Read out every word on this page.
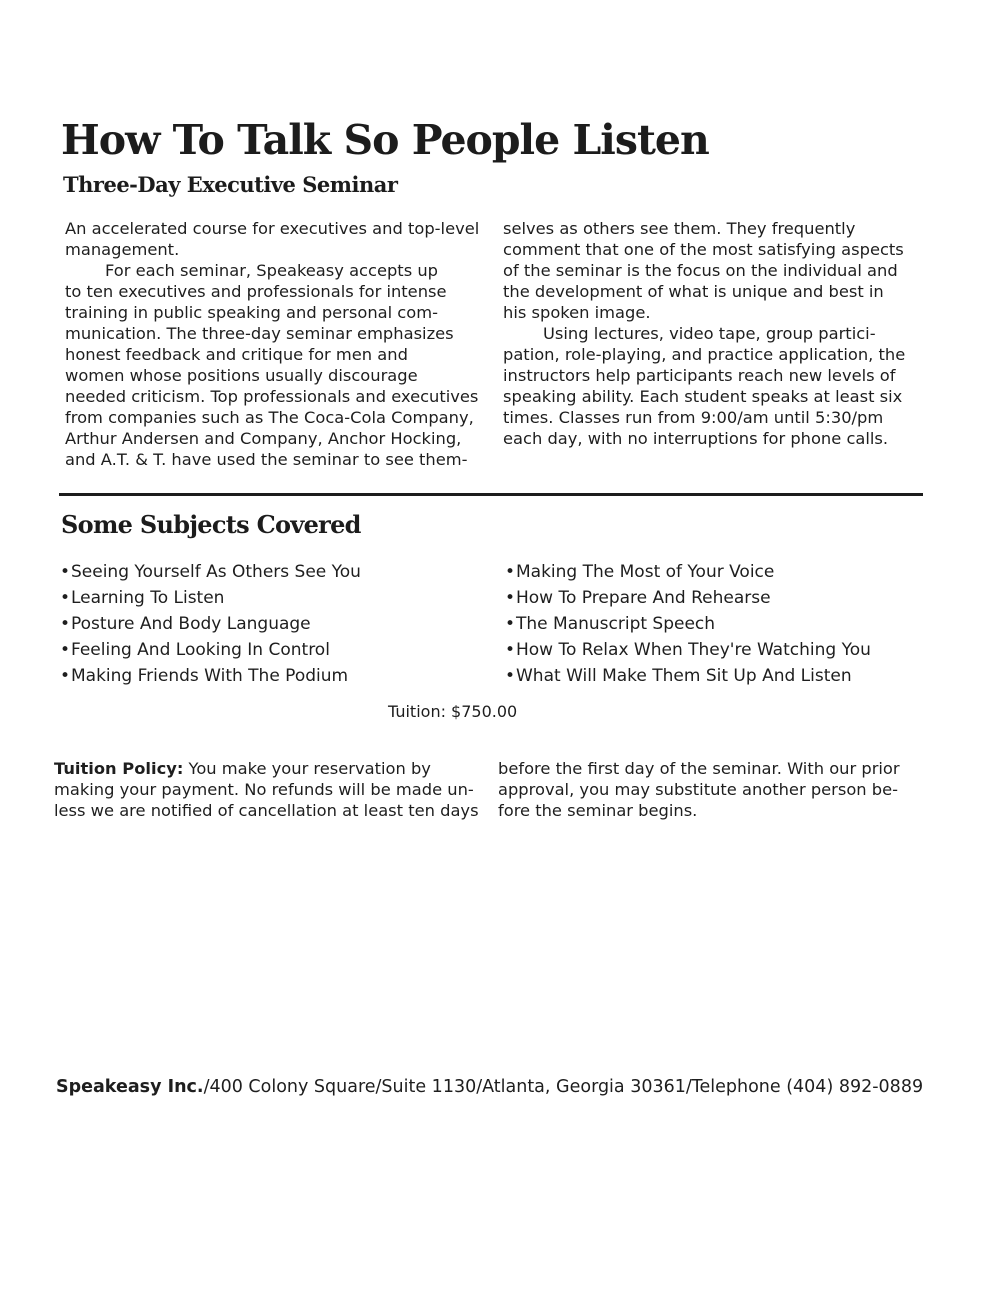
How To Talk So People Listen
Three-Day Executive Seminar
An accelerated course for executives and top-level
management.
For each seminar, Speakeasy accepts up
to ten executives and professionals for intense
training in public speaking and personal com-
munication. The three-day seminar emphasizes
honest feedback and critique for men and
women whose positions usually discourage
needed criticism. Top professionals and executives
from companies such as The Coca-Cola Company,
Arthur Andersen and Company, Anchor Hocking,
and A.T. & T. have used the seminar to see them-
selves as others see them. They frequently
comment that one of the most satisfying aspects
of the seminar is the focus on the individual and
the development of what is unique and best in
his spoken image.
Using lectures, video tape, group partici-
pation, role-playing, and practice application, the
instructors help participants reach new levels of
speaking ability. Each student speaks at least six
times. Classes run from 9:00/am until 5:30/pm
each day, with no interruptions for phone calls.
Some Subjects Covered
• Seeing Yourself As Others See You
• Learning To Listen
• Posture And Body Language
• Feeling And Looking In Control
• Making Friends With The Podium
• Making The Most of Your Voice
• How To Prepare And Rehearse
• The Manuscript Speech
• How To Relax When They're Watching You
• What Will Make Them Sit Up And Listen
Tuition: $750.00
Tuition Policy: You make your reservation by
making your payment. No refunds will be made un-
less we are notified of cancellation at least ten days
before the first day of the seminar. With our prior
approval, you may substitute another person be-
fore the seminar begins.
Speakeasy Inc./400 Colony Square/Suite 1130/Atlanta, Georgia 30361/Telephone (404) 892-0889
